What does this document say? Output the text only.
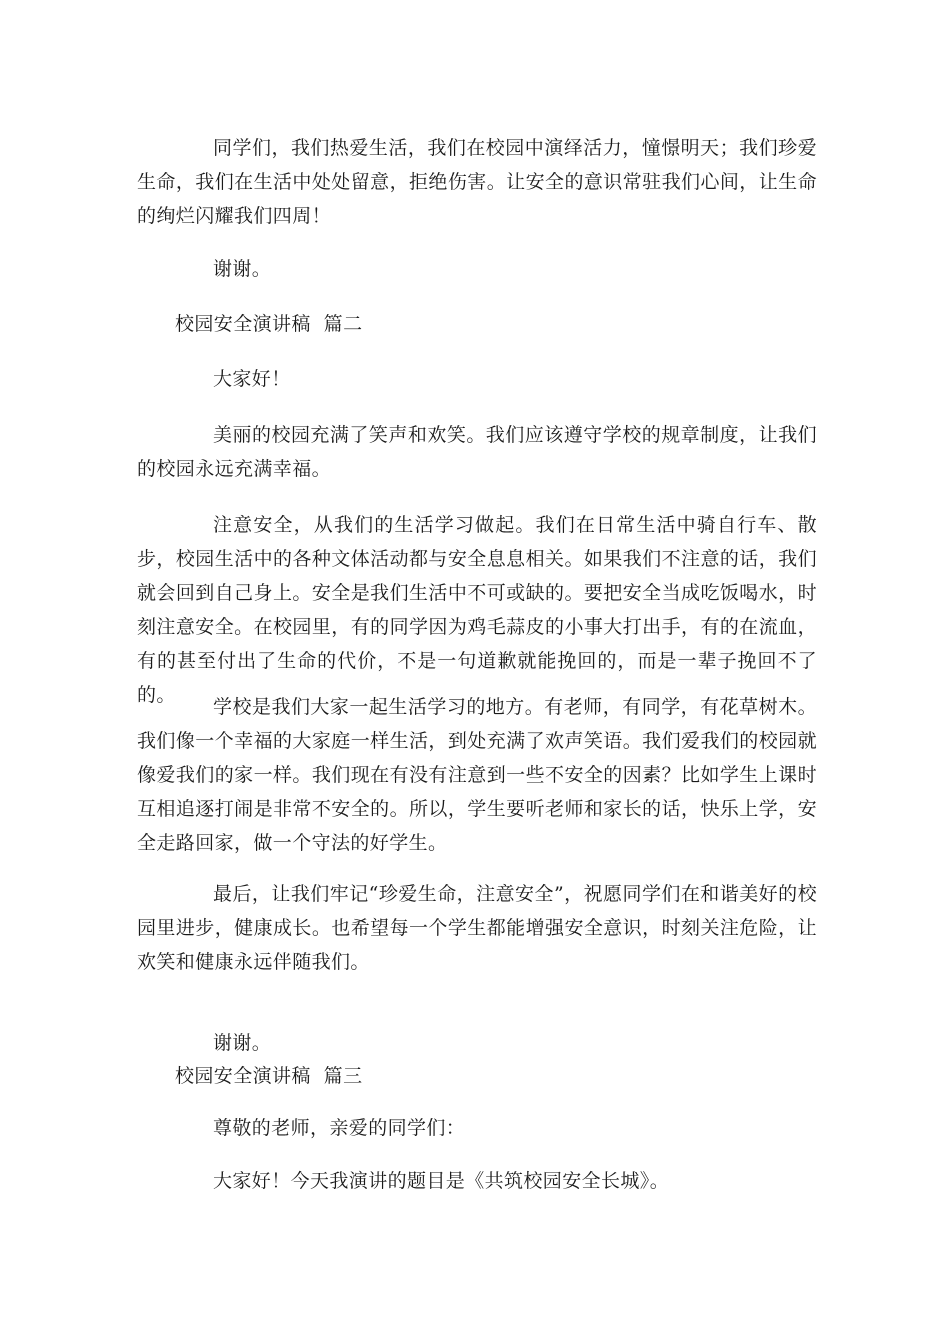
同学们，我们热爱生活，我们在校园中演绎活力，憧憬明天；我们珍爱生命，我们在生活中处处留意，拒绝伤害。让安全的意识常驻我们心间，让生命的绚烂闪耀我们四周！

谢谢。

校园安全演讲稿  篇二

大家好！

美丽的校园充满了笑声和欢笑。我们应该遵守学校的规章制度，让我们的校园永远充满幸福。

注意安全，从我们的生活学习做起。我们在日常生活中骑自行车、散步，校园生活中的各种文体活动都与安全息息相关。如果我们不注意的话，我们就会回到自己身上。安全是我们生活中不可或缺的。要把安全当成吃饭喝水，时刻注意安全。在校园里，有的同学因为鸡毛蒜皮的小事大打出手，有的在流血，有的甚至付出了生命的代价，不是一句道歉就能挽回的，而是一辈子挽回不了的。

学校是我们大家一起生活学习的地方。有老师，有同学，有花草树木。我们像一个幸福的大家庭一样生活，到处充满了欢声笑语。我们爱我们的校园就像爱我们的家一样。我们现在有没有注意到一些不安全的因素？比如学生上课时互相追逐打闹是非常不安全的。所以，学生要听老师和家长的话，快乐上学，安全走路回家，做一个守法的好学生。

最后，让我们牢记“珍爱生命，注意安全”，祝愿同学们在和谐美好的校园里进步，健康成长。也希望每一个学生都能增强安全意识，时刻关注危险，让欢笑和健康永远伴随我们。

谢谢。

校园安全演讲稿  篇三

尊敬的老师，亲爱的同学们：

大家好！今天我演讲的题目是《共筑校园安全长城》。
